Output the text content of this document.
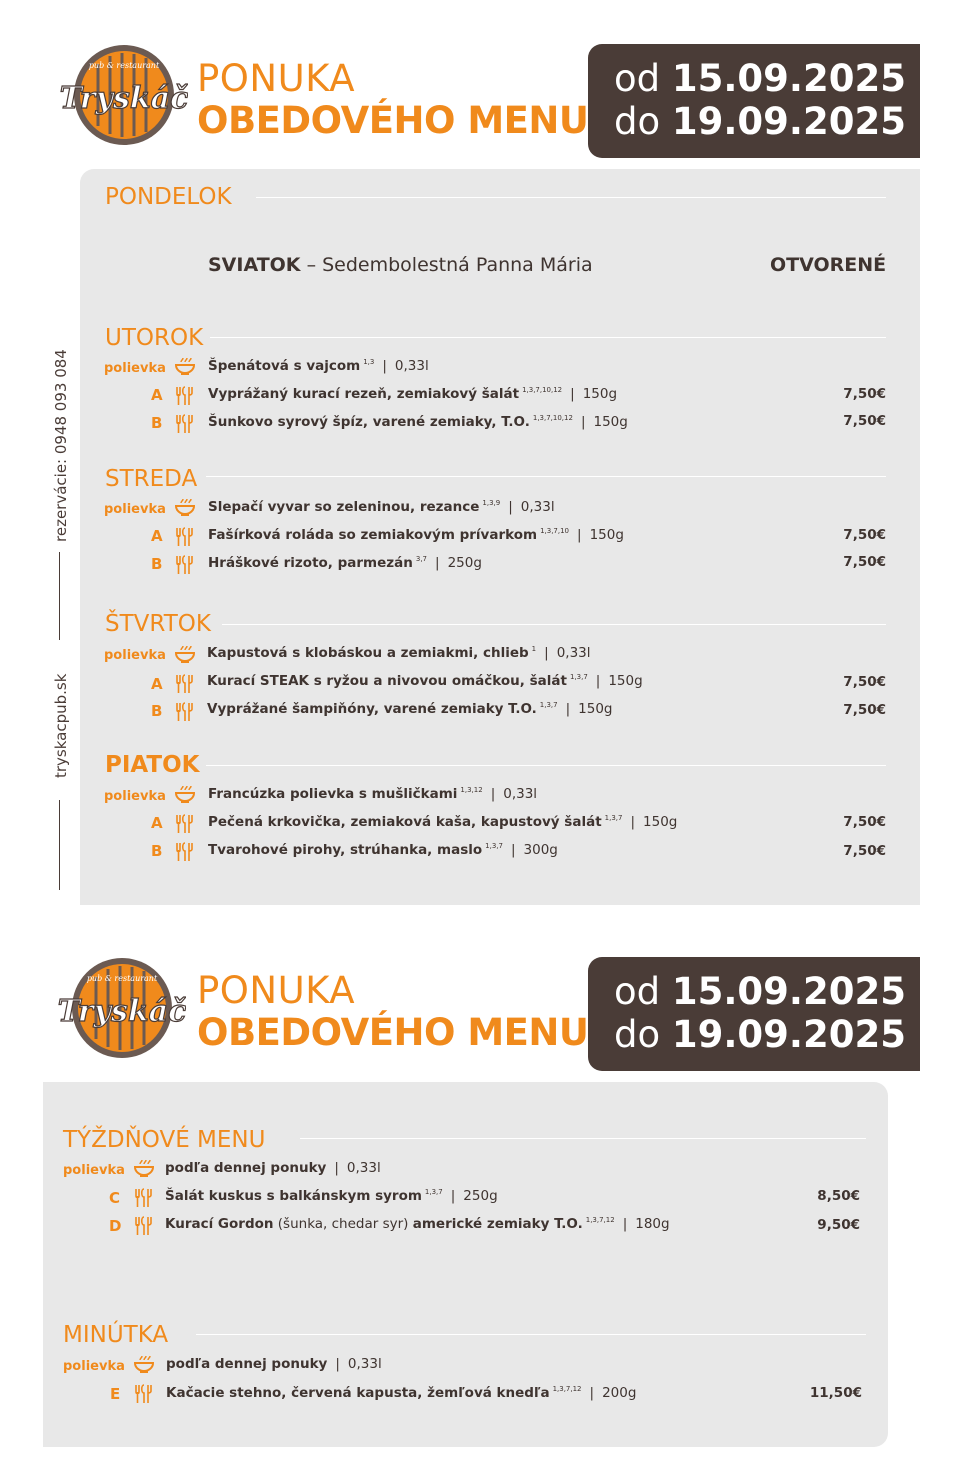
pub & restaurant
Tryskáč PONUKA
OBEDOVÉHO MENU
od 15.09.2025
do 19.09.2025
rezervácie: 0948 093 084
tryskacpub.sk
PONDELOK
SVIATOK – Sedembolestná Panna Mária	OTVORENÉ
UTOROK
polievka	Špenátová s vajcom $^{1,3}$ | 0,33l
A	Vyprážaný kurací rezeň, zemiakový šalát $^{1,3,7,10,12}$ | 150g	7,50€
B	Šunkovo syrový špíz, varené zemiaky, T.O. $^{1,3,7,10,12}$ | 150g	7,50€
STREDA
polievka	Slepačí vyvar so zeleninou, rezance $^{1,3,9}$ | 0,33l
A	Fašírková roláda so zemiakovým prívarkom $^{1,3,7,10}$ | 150g	7,50€
B	Hráškové rizoto, parmezán $^{3,7}$ | 250g	7,50€
ŠTVRTOK
polievka	Kapustová s klobáskou a zemiakmi, chlieb $^1$ | 0,33l
A	Kurací STEAK s ryžou a nivovou omáčkou, šalát $^{1,3,7}$ | 150g	7,50€
B	Vyprážané šampiňóny, varené zemiaky T.O. $^{1,3,7}$ | 150g	7,50€
PIATOK
polievka	Francúzka polievka s mušličkami $^{1,3,12}$ | 0,33l
A	Pečená krkovička, zemiaková kaša, kapustový šalát $^{1,3,7}$ | 150g	7,50€
B	Tvarohové pirohy, strúhanka, maslo $^{1,3,7}$ | 300g	7,50€
pub & restaurant
Tryskáč PONUKA
OBEDOVÉHO MENU
od 15.09.2025
do 19.09.2025
TÝŽDŇOVÉ MENU
polievka	podľa dennej ponuky | 0,33l
C	Šalát kuskus s balkánskym syrom $^{1,3,7}$ | 250g	8,50€
D	Kurací Gordon (šunka, chedar syr) americké zemiaky T.O. $^{1,3,7,12}$ | 180g	9,50€
MINÚTKA
polievka	podľa dennej ponuky | 0,33l
E	Kačacie stehno, červená kapusta, žemľová knedľa $^{1,3,7,12}$ | 200g	11,50€
